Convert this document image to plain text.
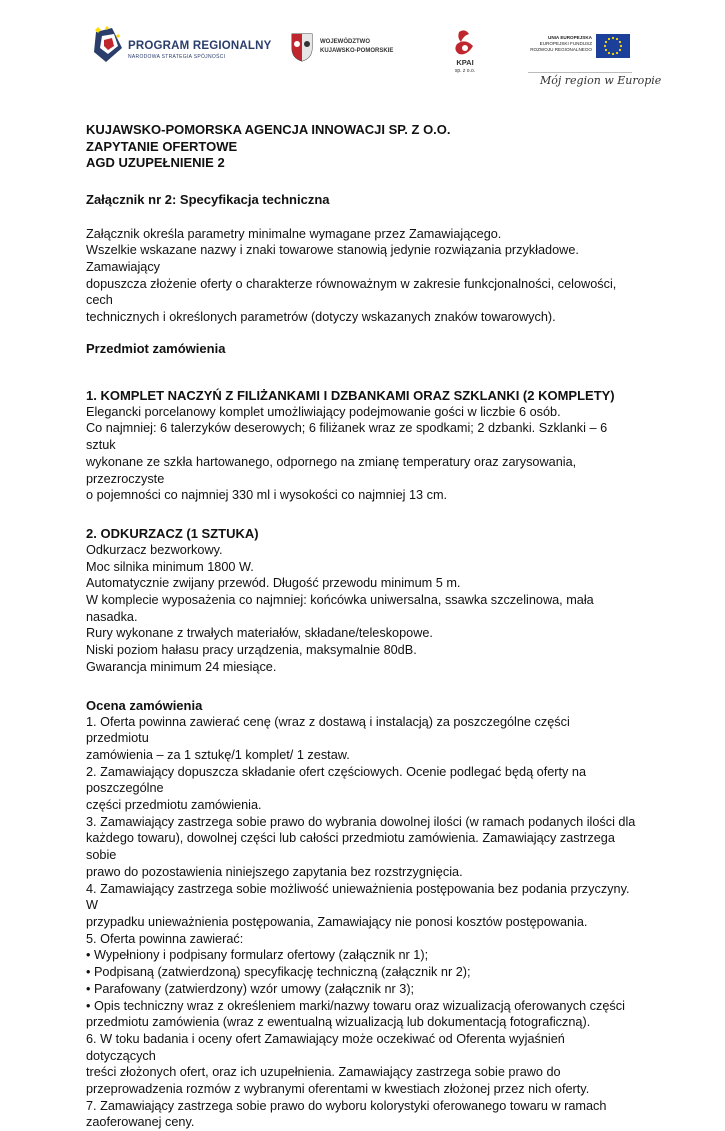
PROGRAM REGIONALNY
NARODOWA STRATEGIA SPÓJNOŚCI
WOJEWÓDZTWO
KUJAWSKO-POMORSKIE
KPAI
sp. z o.o.
UNIA EUROPEJSKA
EUROPEJSKI FUNDUSZ
ROZWOJU REGIONALNEGO
Mój region w Europie

KUJAWSKO-POMORSKA AGENCJA INNOWACJI SP. Z O.O.

ZAPYTANIE OFERTOWE

AGD UZUPEŁNIENIE 2

Załącznik nr 2: Specyfikacja techniczna

Załącznik określa parametry minimalne wymagane przez Zamawiającego.

Wszelkie wskazane nazwy i znaki towarowe stanowią jedynie rozwiązania przykładowe. Zamawiający

dopuszcza złożenie oferty o charakterze równoważnym w zakresie funkcjonalności, celowości, cech

technicznych i określonych parametrów (dotyczy wskazanych znaków towarowych).

Przedmiot zamówienia

1. KOMPLET NACZYŃ Z FILIŻANKAMI I DZBANKAMI ORAZ SZKLANKI (2 KOMPLETY)

Elegancki porcelanowy komplet umożliwiający podejmowanie gości w liczbie 6 osób.

Co najmniej: 6 talerzyków deserowych; 6 filiżanek wraz ze spodkami; 2 dzbanki. Szklanki – 6 sztuk

wykonane ze szkła hartowanego, odpornego na zmianę temperatury oraz zarysowania, przezroczyste

o pojemności co najmniej 330 ml i wysokości co najmniej 13 cm.

2. ODKURZACZ (1 SZTUKA)

Odkurzacz bezworkowy.

Moc silnika minimum 1800 W.

Automatycznie zwijany przewód. Długość przewodu minimum 5 m.

W komplecie wyposażenia co najmniej: końcówka uniwersalna, ssawka szczelinowa, mała nasadka.

Rury wykonane z trwałych materiałów, składane/teleskopowe.

Niski poziom hałasu pracy urządzenia, maksymalnie 80dB.

Gwarancja minimum 24 miesiące.

Ocena zamówienia

1. Oferta powinna zawierać cenę (wraz z dostawą i instalacją) za poszczególne części przedmiotu

zamówienia – za 1 sztukę/1 komplet/ 1 zestaw.

2. Zamawiający dopuszcza składanie ofert częściowych. Ocenie podlegać będą oferty na poszczególne

części przedmiotu zamówienia.

3. Zamawiający zastrzega sobie prawo do wybrania dowolnej ilości (w ramach podanych ilości dla

każdego towaru), dowolnej części lub całości przedmiotu zamówienia. Zamawiający zastrzega sobie

prawo do pozostawienia niniejszego zapytania bez rozstrzygnięcia.

4. Zamawiający zastrzega sobie możliwość unieważnienia postępowania bez podania przyczyny. W

przypadku unieważnienia postępowania, Zamawiający nie ponosi kosztów postępowania.

5. Oferta powinna zawierać:

• Wypełniony i podpisany formularz ofertowy (załącznik nr 1);

• Podpisaną (zatwierdzoną) specyfikację techniczną (załącznik nr 2);

• Parafowany (zatwierdzony) wzór umowy (załącznik nr 3);

• Opis techniczny wraz z określeniem marki/nazwy towaru oraz wizualizacją oferowanych części

przedmiotu zamówienia (wraz z ewentualną wizualizacją lub dokumentacją fotograficzną).

6. W toku badania i oceny ofert Zamawiający może oczekiwać od Oferenta wyjaśnień dotyczących

treści złożonych ofert, oraz ich uzupełnienia. Zamawiający zastrzega sobie prawo do

przeprowadzenia rozmów z wybranymi oferentami w kwestiach złożonej przez nich oferty.

7. Zamawiający zastrzega sobie prawo do wyboru kolorystyki oferowanego towaru w ramach

zaoferowanej ceny.
